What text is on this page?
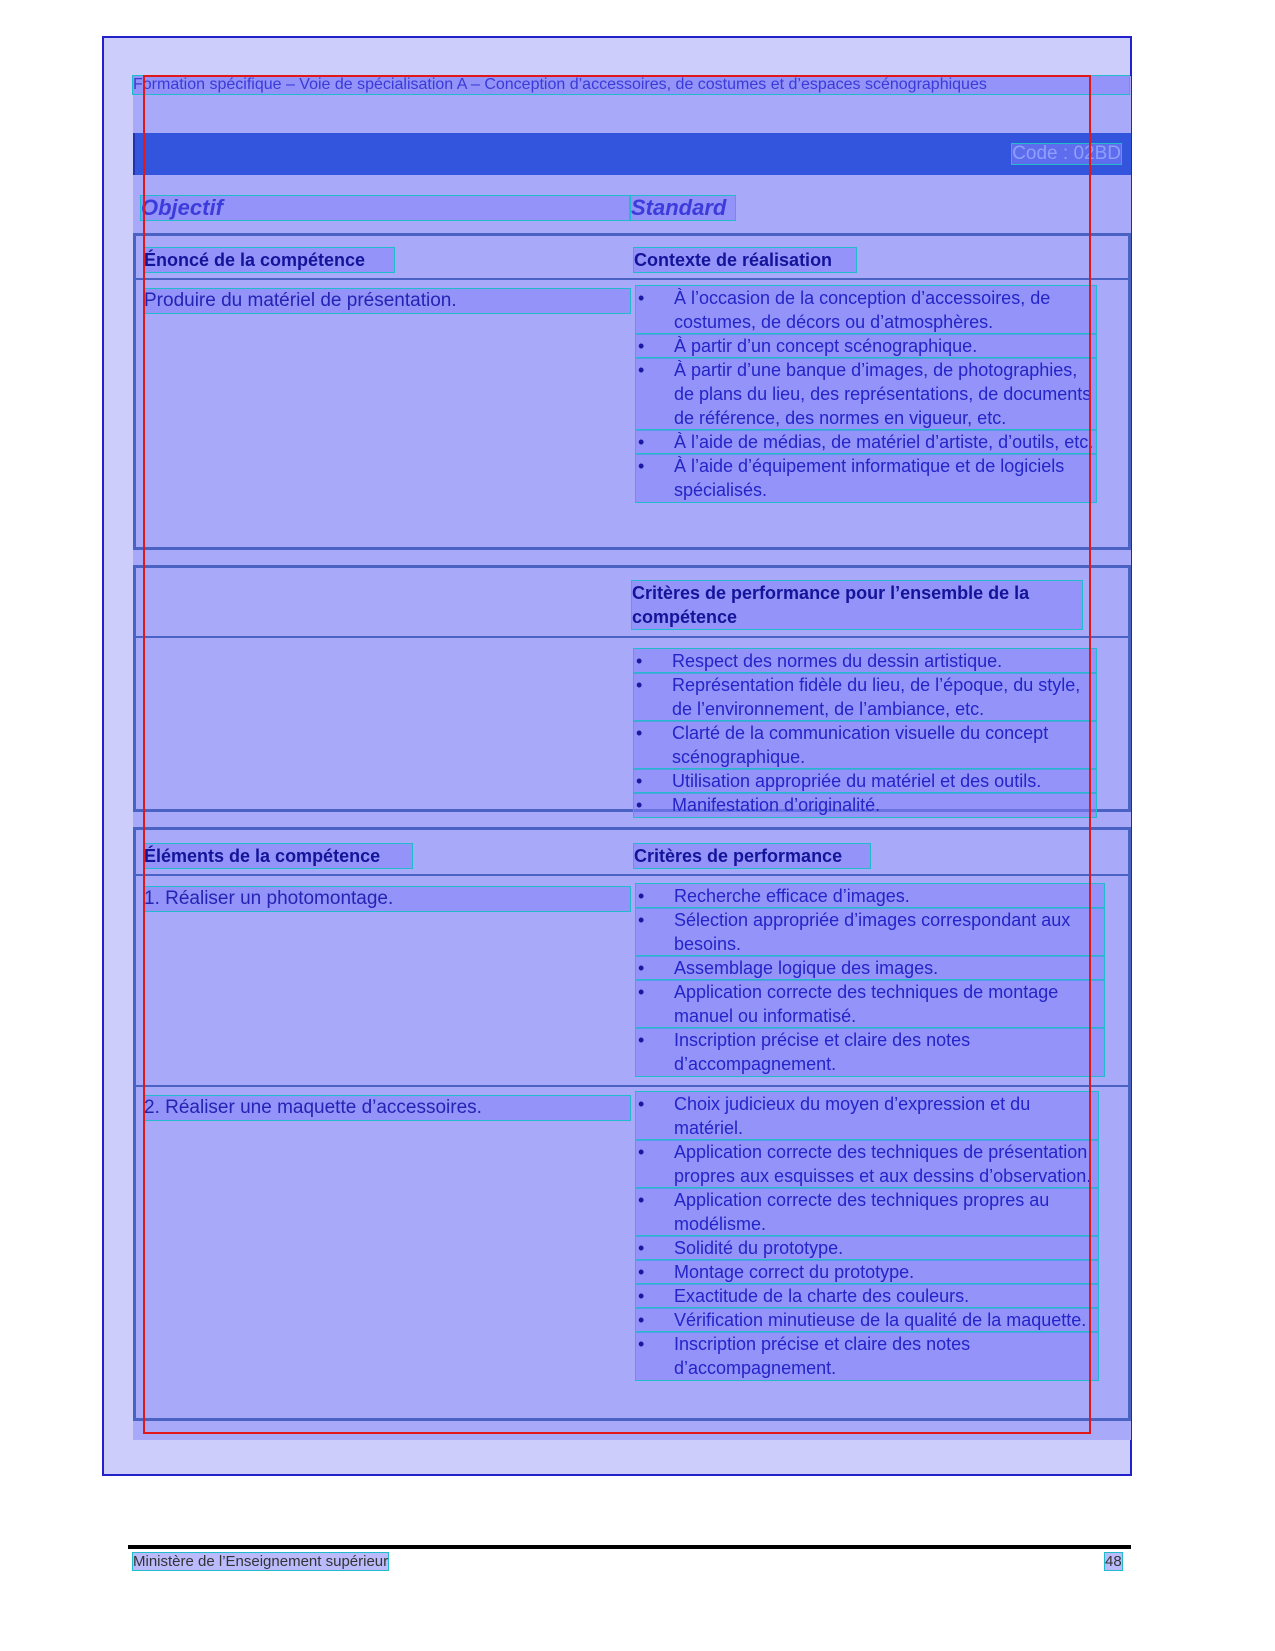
Formation spécifique – Voie de spécialisation A – Conception d’accessoires, de costumes et d’espaces scénographiques
Code : 02BD
Objectif	Standard
Énoncé de la compétence	Contexte de réalisation
Produire du matériel de présentation.	• À l’occasion de la conception d’accessoires, de costumes, de décors ou d’atmosphères.
• À partir d’un concept scénographique.
• À partir d’une banque d’images, de photographies, de plans du lieu, des représentations, de documents de référence, des normes en vigueur, etc.
• À l’aide de médias, de matériel d’artiste, d’outils, etc.
• À l’aide d’équipement informatique et de logiciels spécialisés.
Critères de performance pour l’ensemble de la compétence
• Respect des normes du dessin artistique.
• Représentation fidèle du lieu, de l’époque, du style, de l’environnement, de l’ambiance, etc.
• Clarté de la communication visuelle du concept scénographique.
• Utilisation appropriée du matériel et des outils.
• Manifestation d’originalité.
Éléments de la compétence	Critères de performance
1. Réaliser un photomontage.	• Recherche efficace d’images.
• Sélection appropriée d’images correspondant aux besoins.
• Assemblage logique des images.
• Application correcte des techniques de montage manuel ou informatisé.
• Inscription précise et claire des notes d’accompagnement.
2. Réaliser une maquette d’accessoires.	• Choix judicieux du moyen d’expression et du matériel.
• Application correcte des techniques de présentation propres aux esquisses et aux dessins d’observation.
• Application correcte des techniques propres au modélisme.
• Solidité du prototype.
• Montage correct du prototype.
• Exactitude de la charte des couleurs.
• Vérification minutieuse de la qualité de la maquette.
• Inscription précise et claire des notes d’accompagnement.
Ministère de l’Enseignement supérieur	48
